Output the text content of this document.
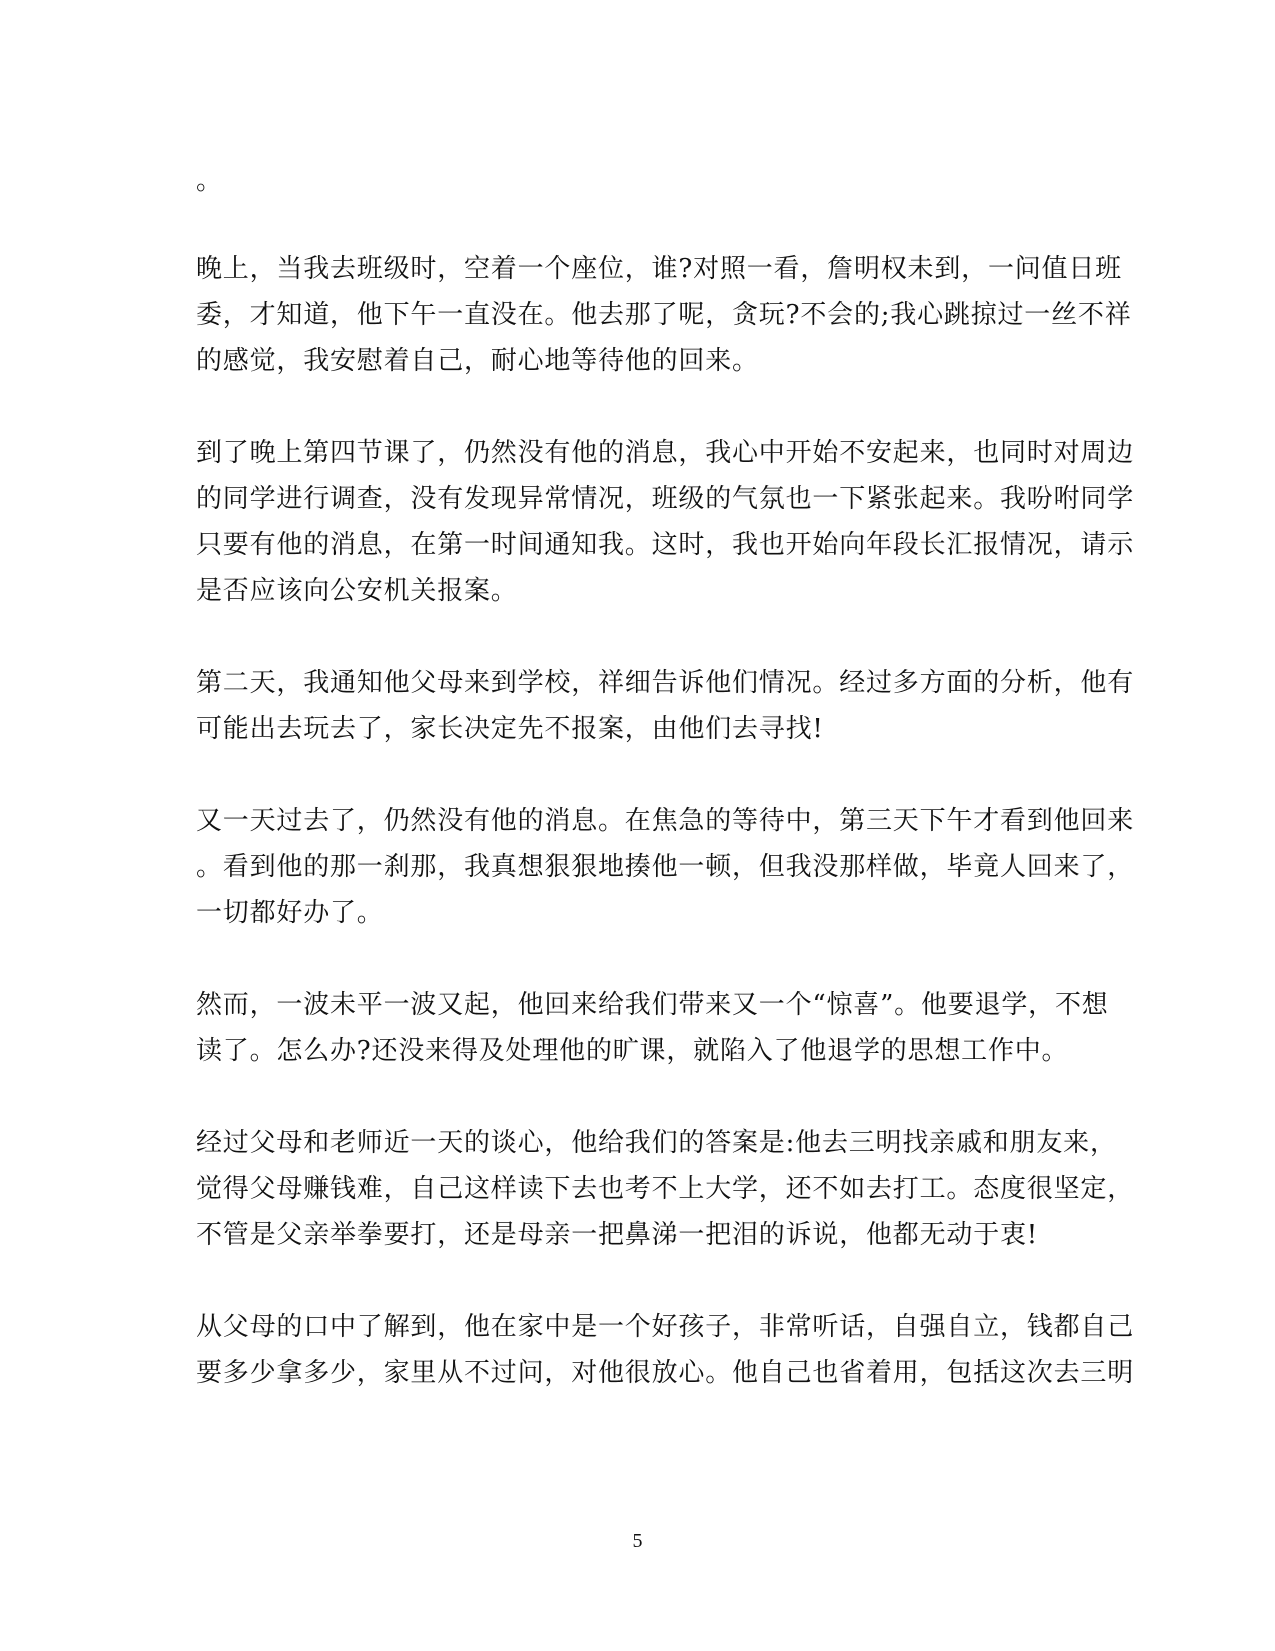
。
晚上，当我去班级时，空着一个座位，谁?对照一看，詹明权未到，一问值日班
委，才知道，他下午一直没在。他去那了呢，贪玩?不会的;我心跳掠过一丝不祥
的感觉，我安慰着自己，耐心地等待他的回来。
到了晚上第四节课了，仍然没有他的消息，我心中开始不安起来，也同时对周边
的同学进行调查，没有发现异常情况，班级的气氛也一下紧张起来。我吩咐同学
只要有他的消息，在第一时间通知我。这时，我也开始向年段长汇报情况，请示
是否应该向公安机关报案。
第二天，我通知他父母来到学校，祥细告诉他们情况。经过多方面的分析，他有
可能出去玩去了，家长决定先不报案，由他们去寻找!
又一天过去了，仍然没有他的消息。在焦急的等待中，第三天下午才看到他回来
。看到他的那一刹那，我真想狠狠地揍他一顿，但我没那样做，毕竟人回来了，
一切都好办了。
然而，一波未平一波又起，他回来给我们带来又一个“惊喜”。他要退学，不想
读了。怎么办?还没来得及处理他的旷课，就陷入了他退学的思想工作中。
经过父母和老师近一天的谈心，他给我们的答案是:他去三明找亲戚和朋友来，
觉得父母赚钱难，自己这样读下去也考不上大学，还不如去打工。态度很坚定，
不管是父亲举拳要打，还是母亲一把鼻涕一把泪的诉说，他都无动于衷!
从父母的口中了解到，他在家中是一个好孩子，非常听话，自强自立，钱都自己
要多少拿多少，家里从不过问，对他很放心。他自己也省着用，包括这次去三明
5
